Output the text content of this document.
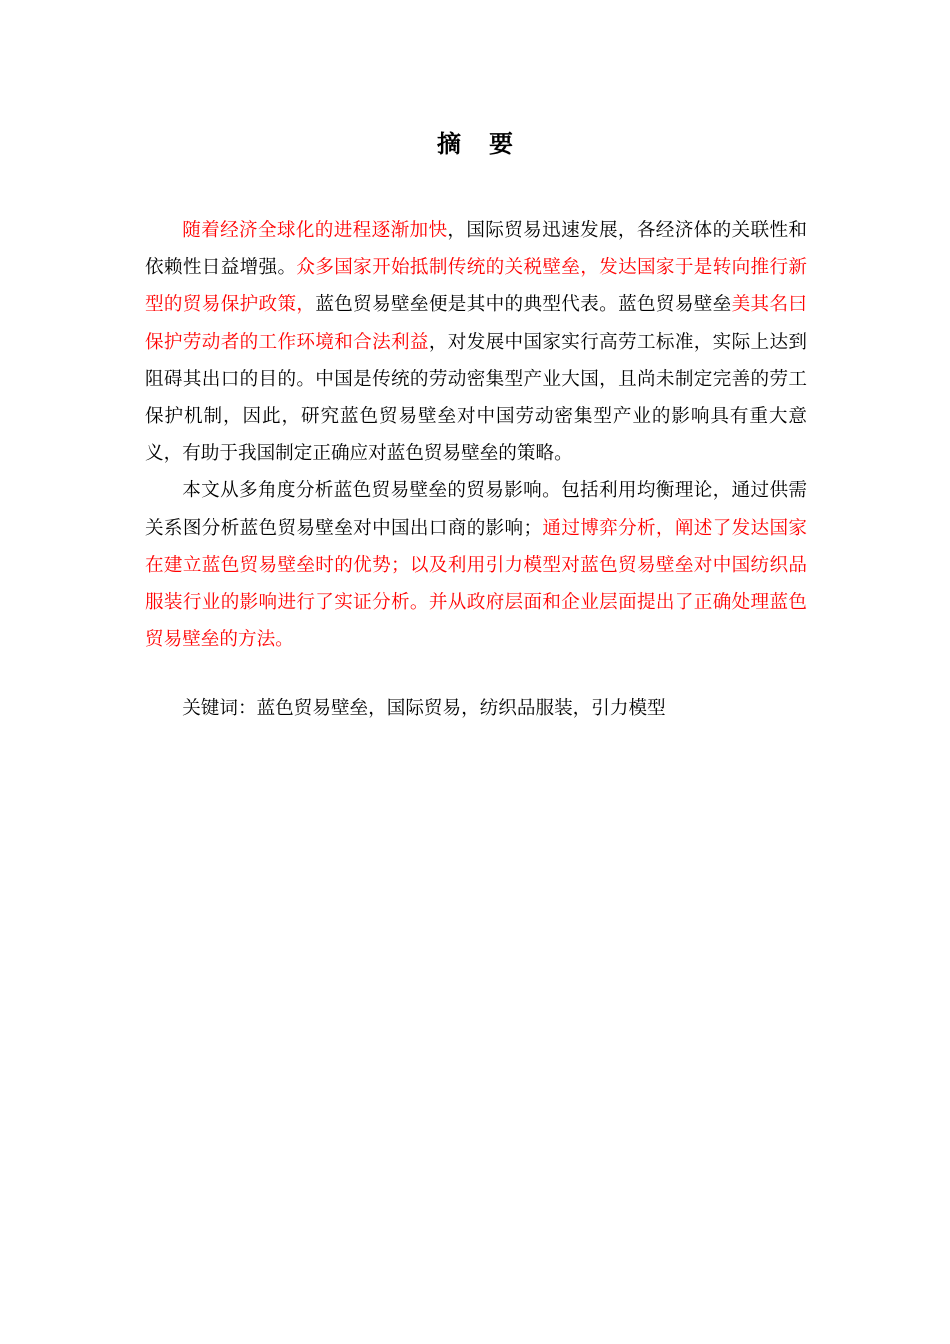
摘 要

随着经济全球化的进程逐渐加快，国际贸易迅速发展，各经济体的关联性和依赖性日益增强。众多国家开始抵制传统的关税壁垒，发达国家于是转向推行新型的贸易保护政策，蓝色贸易壁垒便是其中的典型代表。蓝色贸易壁垒美其名曰保护劳动者的工作环境和合法利益，对发展中国家实行高劳工标准，实际上达到阻碍其出口的目的。中国是传统的劳动密集型产业大国，且尚未制定完善的劳工保护机制，因此，研究蓝色贸易壁垒对中国劳动密集型产业的影响具有重大意义，有助于我国制定正确应对蓝色贸易壁垒的策略。

本文从多角度分析蓝色贸易壁垒的贸易影响。包括利用均衡理论，通过供需关系图分析蓝色贸易壁垒对中国出口商的影响；通过博弈分析，阐述了发达国家在建立蓝色贸易壁垒时的优势；以及利用引力模型对蓝色贸易壁垒对中国纺织品服装行业的影响进行了实证分析。并从政府层面和企业层面提出了正确处理蓝色贸易壁垒的方法。

关键词：蓝色贸易壁垒，国际贸易，纺织品服装，引力模型
